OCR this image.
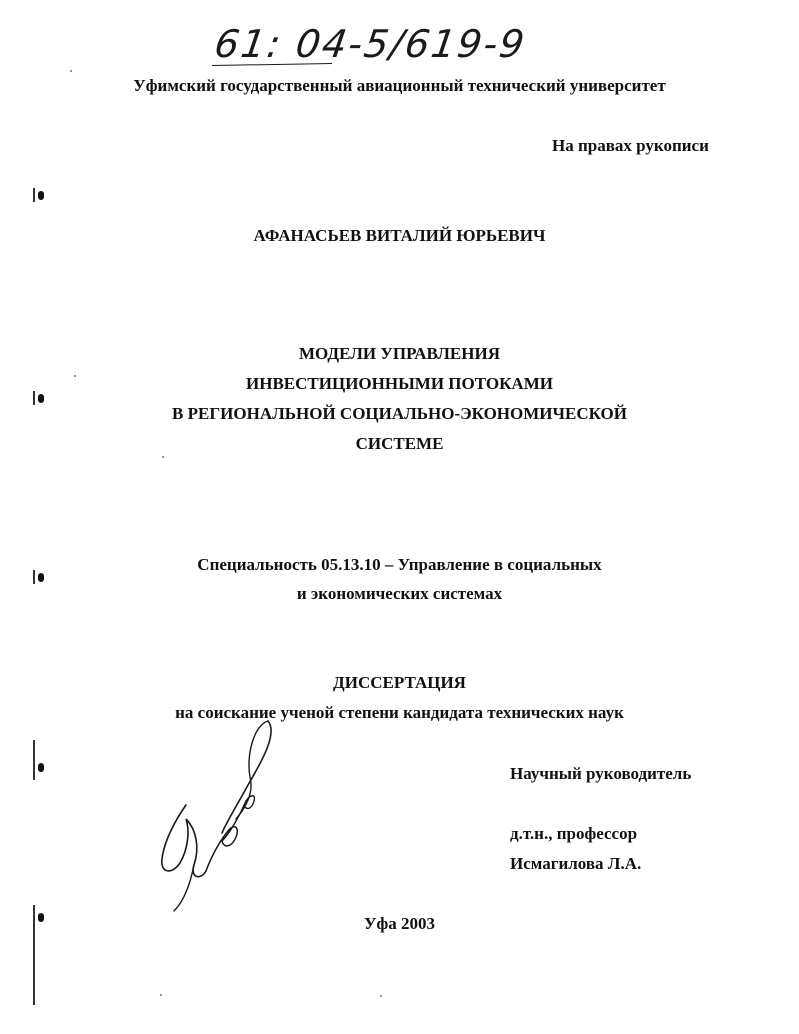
61: 04-5/619-9
Уфимский государственный авиационный технический университет
На правах рукописи
АФАНАСЬЕВ ВИТАЛИЙ ЮРЬЕВИЧ
МОДЕЛИ УПРАВЛЕНИЯ
ИНВЕСТИЦИОННЫМИ ПОТОКАМИ
В РЕГИОНАЛЬНОЙ СОЦИАЛЬНО-ЭКОНОМИЧЕСКОЙ
СИСТЕМЕ
Специальность 05.13.10 – Управление в социальных
и экономических системах
ДИССЕРТАЦИЯ
на соискание ученой степени кандидата технических наук
Научный руководитель
д.т.н., профессор
Исмагилова Л.А.
Уфа 2003
